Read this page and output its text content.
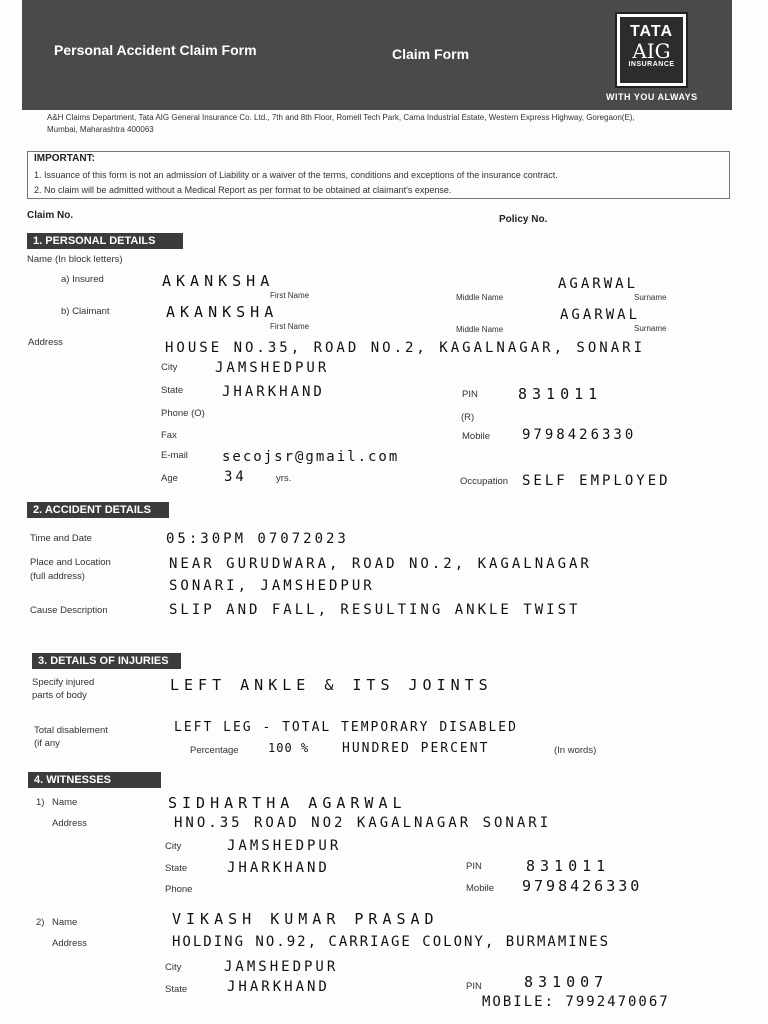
Personal Accident Claim Form	Claim Form
TATA
AIG
INSURANCE
WITH YOU ALWAYS
A&H Claims Department, Tata AIG General Insurance Co. Ltd., 7th and 8th Floor, Romell Tech Park, Cama Industrial Estate, Western Express Highway, Goregaon(E),
Mumbai, Maharashtra 400063
IMPORTANT:
1. Issuance of this form is not an admission of Liability or a waiver of the terms, conditions and exceptions of the insurance contract.
2. No claim will be admitted without a Medical Report as per format to be obtained at claimant's expense.
Claim No.	Policy No.
1. PERSONAL DETAILS
Name (In block letters)
a) Insured	AKANKSHA
First Name	Middle Name
AGARWAL
Surname
b) Claimant	AKANKSHA
First Name	Middle Name
AGARWAL
Surname
Address	HOUSE NO.35, ROAD NO.2, KAGALNAGAR, SONARI
City	JAMSHEDPUR
State	JHARKHAND	PIN	831011
Phone (O)	(R)
Fax	Mobile 9798426330
E-mail secojsr@gmail.com
Age	34	yrs.	Occupation SELF EMPLOYED
2. ACCIDENT DETAILS
Time and Date	05:30PM 07072023
Place and Location
(full address)
NEAR GURUDWARA, ROAD NO.2, KAGALNAGAR
SONARI, JAMSHEDPUR
Cause Description	SLIP AND FALL, RESULTING ANKLE TWIST
3. DETAILS OF INJURIES
Specify injured
parts of body
LEFT ANKLE & ITS JOINTS
Total disablement
(if any
LEFT LEG - TOTAL TEMPORARY DISABLED
Percentage 100 %	HUNDRED PERCENT	(In words)
4. WITNESSES
1) Name	SIDHARTHA AGARWAL
Address	HNO.35 ROAD NO2 KAGALNAGAR SONARI
City	JAMSHEDPUR
State	JHARKHAND	PIN	831011
Phone	Mobile 9798426330
2) Name	VIKASH KUMAR PRASAD
Address	HOLDING NO.92, CARRIAGE COLONY, BURMAMINES
City	JAMSHEDPUR
State	JHARKHAND	PIN	831007
MOBILE: 7992470067
